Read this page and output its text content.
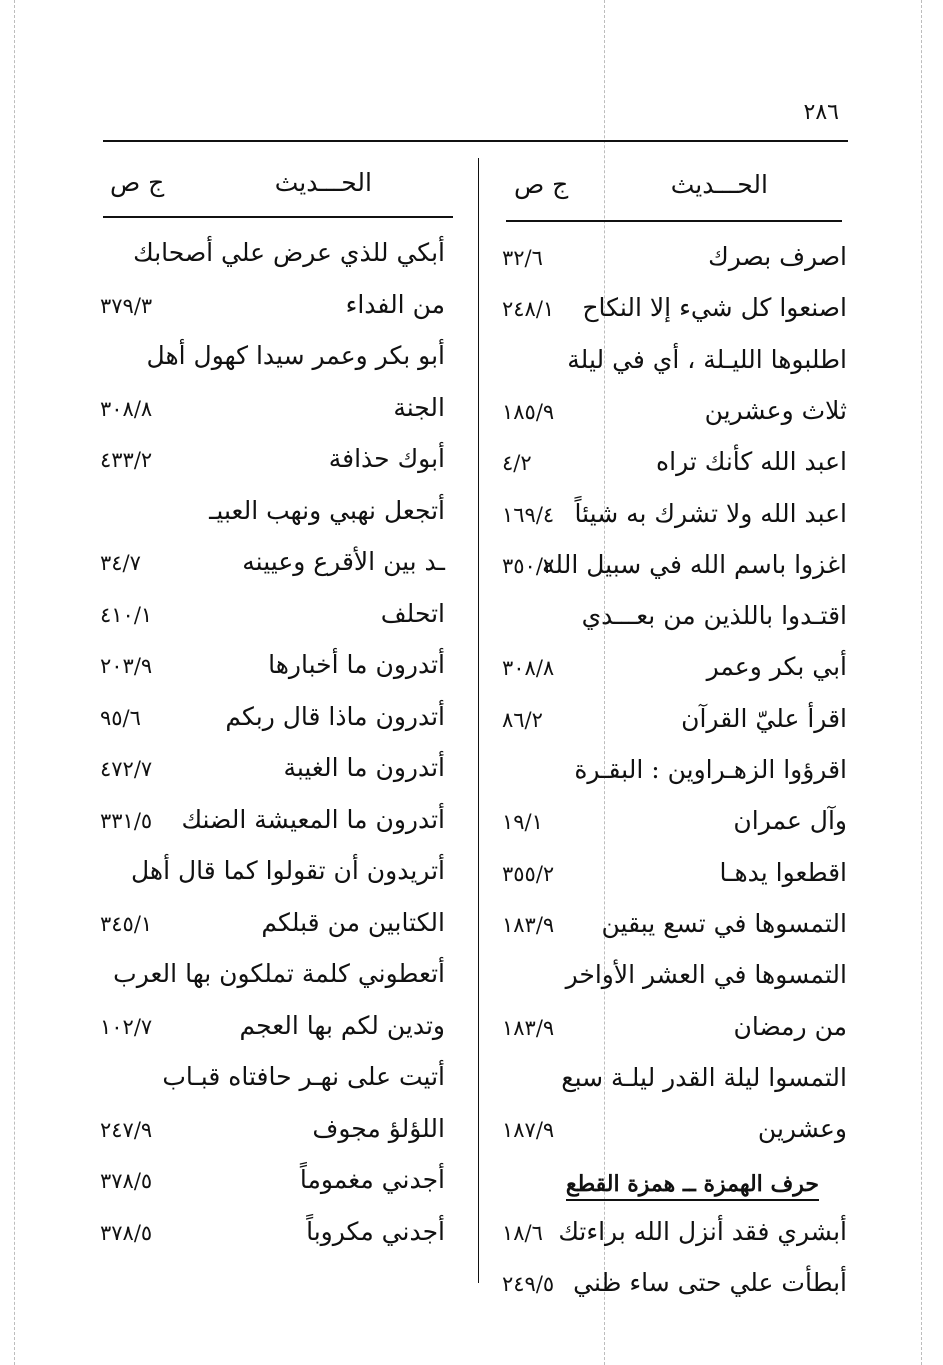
٢٨٦
الحـــديث
ج ص	الحـــديث
ج ص
اصرف بصرك
٣٢/٦
اصنعوا كل شيء إلا النكاح
٢٤٨/١
اطلبوها الليـلة ، أي في ليلة
ثلاث وعشرين
١٨٥/٩
اعبد الله كأنك تراه
٤/٢
اعبد الله ولا تشرك به شيئاً
١٦٩/٤
اغزوا باسم الله في سبيل الله
٣٥٠/٢
اقتـدوا باللذين من بعـــدي
أبي بكر وعمر
٣٠٨/٨
اقرأ عليّ القرآن
٨٦/٢
اقرؤوا الزهـراوين : البقـرة
وآل عمران
١٩/١
اقطعوا يدهـا
٣٥٥/٢
التمسوها في تسع يبقين
١٨٣/٩
التمسوها في العشر الأواخر
من رمضان
١٨٣/٩
التمسوا ليلة القدر ليلـة سبع
وعشرين
١٨٧/٩
حرف الهمزة ــ همزة القطع
أبشري فقد أنزل الله براءتك
١٨/٦
أبطأت علي حتى ساء ظني
٢٤٩/٥
أبكي للذي عرض علي أصحابك
من الفداء
٣٧٩/٣
أبو بكر وعمر سيدا كهول أهل
الجنة
٣٠٨/٨
أبوك حذافة
٤٣٣/٢
أتجعل نهبي ونهب العبيـ
ـد بين الأقرع وعيينه
٣٤/٧
اتحلف
٤١٠/١
أتدرون ما أخبارها
٢٠٣/٩
أتدرون ماذا قال ربكم
٩٥/٦
أتدرون ما الغيبة
٤٧٢/٧
أتدرون ما المعيشة الضنك
٣٣١/٥
أتريدون أن تقولوا كما قال أهل
الكتابين من قبلكم
٣٤٥/١
أتعطوني كلمة تملكون بها العرب
وتدين لكم بها العجم
١٠٢/٧
أتيت على نهـر حافتاه قبـاب
اللؤلؤ مجوف
٢٤٧/٩
أجدني مغموماً
٣٧٨/٥
أجدني مكروباً
٣٧٨/٥
